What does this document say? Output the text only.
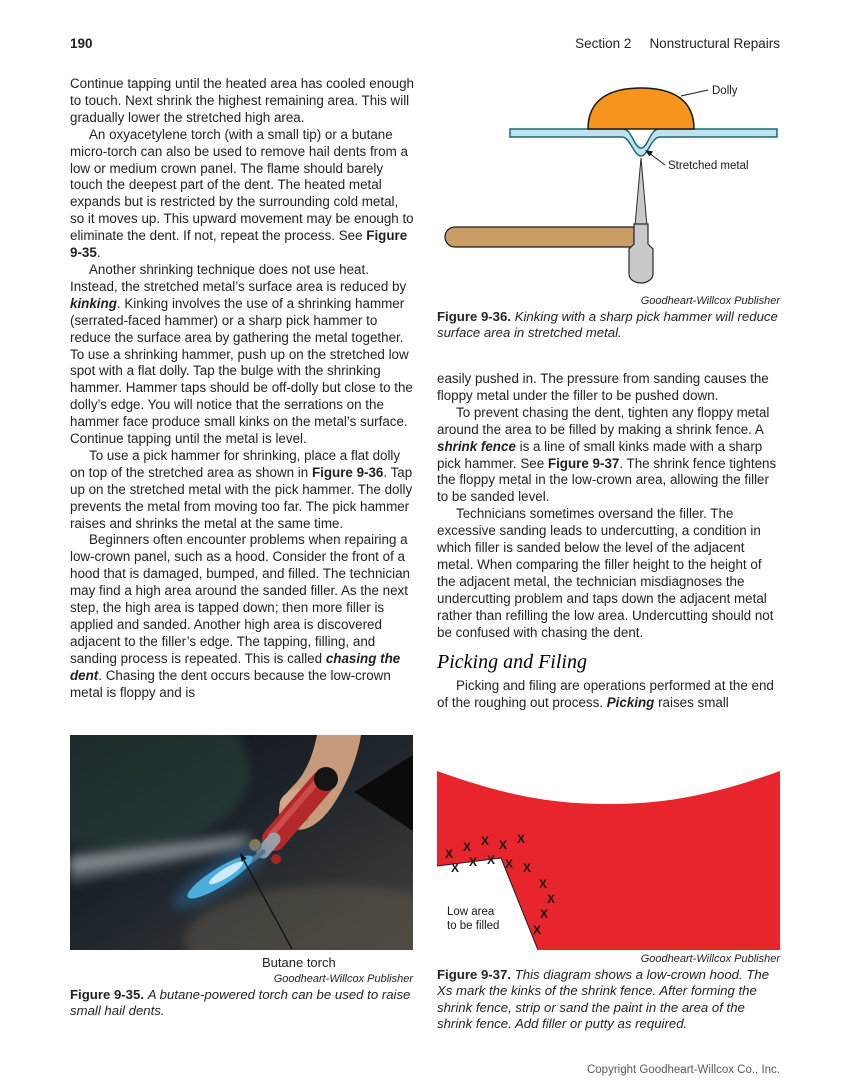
190	Section 2 Nonstructural Repairs

Continue tapping until the heated area has cooled enough to touch. Next shrink the highest remaining area. This will gradually lower the stretched high area.

An oxyacetylene torch (with a small tip) or a butane micro-torch can also be used to remove hail dents from a low or medium crown panel. The flame should barely touch the deepest part of the dent. The heated metal expands but is restricted by the surrounding cold metal, so it moves up. This upward movement may be enough to eliminate the dent. If not, repeat the process. See Figure 9-35.

Another shrinking technique does not use heat. Instead, the stretched metal’s surface area is reduced by kinking. Kinking involves the use of a shrinking hammer (serrated-faced hammer) or a sharp pick hammer to reduce the surface area by gathering the metal together. To use a shrinking hammer, push up on the stretched low spot with a flat dolly. Tap the bulge with the shrinking hammer. Hammer taps should be off-dolly but close to the dolly’s edge. You will notice that the serrations on the hammer face produce small kinks on the metal’s surface. Continue tapping until the metal is level.

To use a pick hammer for shrinking, place a flat dolly on top of the stretched area as shown in Figure 9-36. Tap up on the stretched metal with the pick hammer. The dolly prevents the metal from moving too far. The pick hammer raises and shrinks the metal at the same time.

Beginners often encounter problems when repairing a low-crown panel, such as a hood. Consider the front of a hood that is damaged, bumped, and filled. The technician may find a high area around the sanded filler. As the next step, the high area is tapped down; then more filler is applied and sanded. Another high area is discovered adjacent to the filler’s edge. The tapping, filling, and sanding process is repeated. This is called chasing the dent. Chasing the dent occurs because the low-crown metal is floppy and is

Dolly
Stretched metal
Goodheart-Willcox Publisher

Figure 9-36. Kinking with a sharp pick hammer will reduce surface area in stretched metal.

easily pushed in. The pressure from sanding causes the floppy metal under the filler to be pushed down.

To prevent chasing the dent, tighten any floppy metal around the area to be filled by making a shrink fence. A shrink fence is a line of small kinks made with a sharp pick hammer. See Figure 9-37. The shrink fence tightens the floppy metal in the low-crown area, allowing the filler to be sanded level.

Technicians sometimes oversand the filler. The excessive sanding leads to undercutting, a condition in which filler is sanded below the level of the adjacent metal. When comparing the filler height to the height of the adjacent metal, the technician misdiagnoses the undercutting problem and taps down the adjacent metal rather than refilling the low area. Undercutting should not be confused with chasing the dent.

Picking and Filing

Picking and filing are operations performed at the end of the roughing out process. Picking raises small

Butane torch
Goodheart-Willcox Publisher

Figure 9-35. A butane-powered torch can be used to raise small hail dents.

X X X X X
X X X X X
X
X
X
X
Low area
to be filled
Goodheart-Willcox Publisher

Figure 9-37. This diagram shows a low-crown hood. The Xs mark the kinks of the shrink fence. After forming the shrink fence, strip or sand the paint in the area of the shrink fence. Add filler or putty as required.

Copyright Goodheart-Willcox Co., Inc.
